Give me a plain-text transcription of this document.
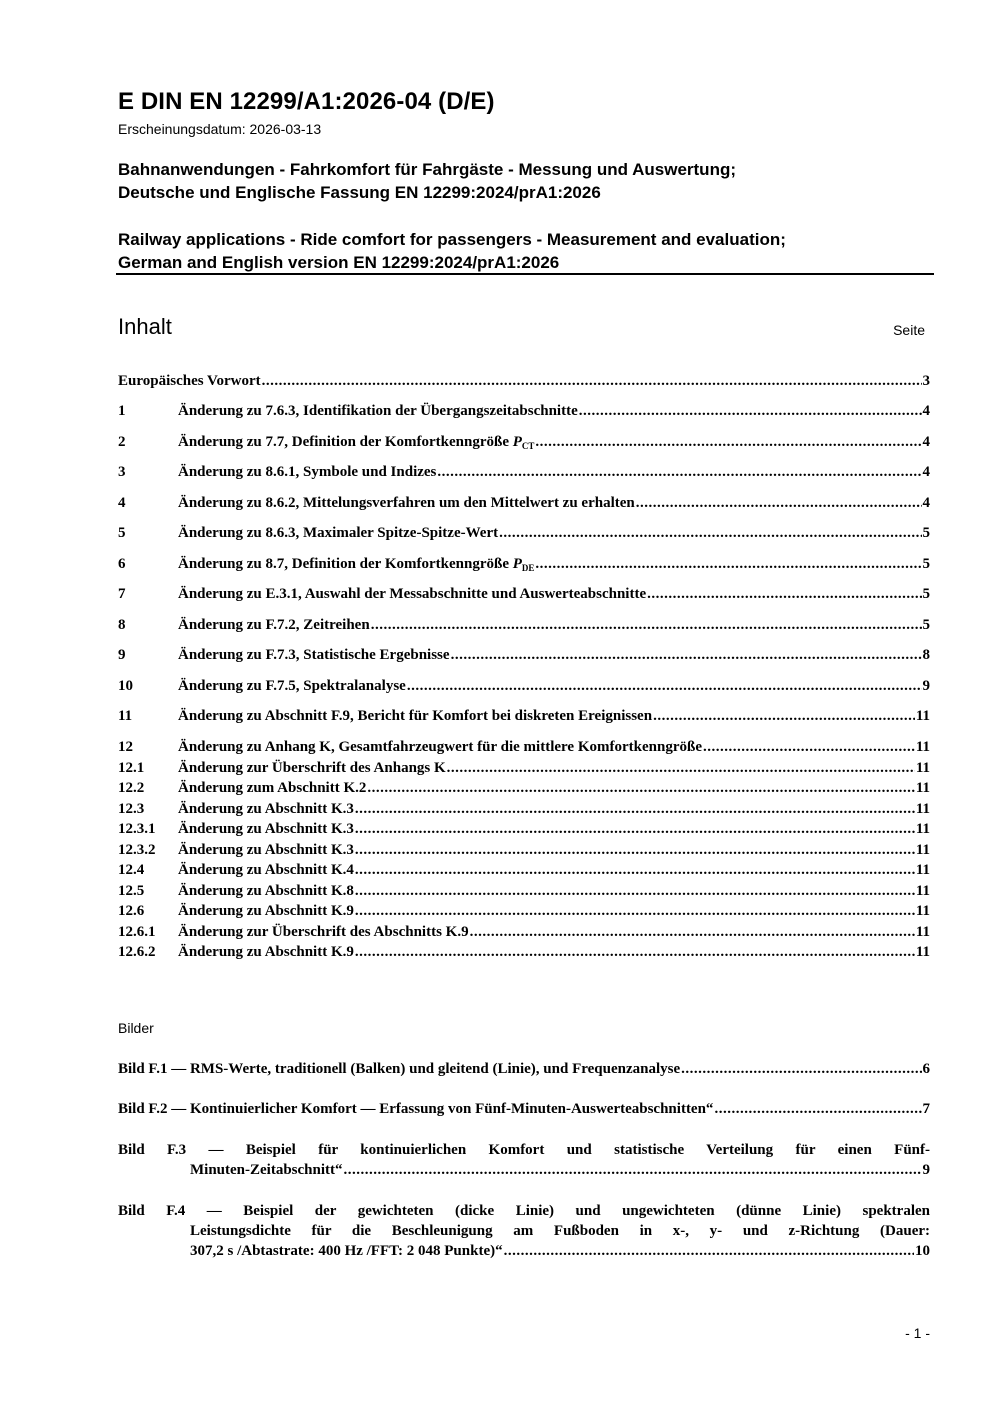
E DIN EN 12299/A1:2026-04 (D/E)
Erscheinungsdatum: 2026-03-13
Bahnanwendungen - Fahrkomfort für Fahrgäste - Messung und Auswertung;
Deutsche und Englische Fassung EN 12299:2024/prA1:2026
Railway applications - Ride comfort for passengers - Measurement and evaluation;
German and English version EN 12299:2024/prA1:2026
Inhalt	Seite
Europäisches Vorwort .....	3
1	Änderung zu 7.6.3, Identifikation der Übergangszeitabschnitte .....	4
2	Änderung zu 7.7, Definition der Komfortkenngröße $P_{CT}$ .....	4
3	Änderung zu 8.6.1, Symbole und Indizes .....	4
4	Änderung zu 8.6.2, Mittelungsverfahren um den Mittelwert zu erhalten .....	4
5	Änderung zu 8.6.3, Maximaler Spitze-Spitze-Wert .....	5
6	Änderung zu 8.7, Definition der Komfortkenngröße $P_{DE}$ .....	5
7	Änderung zu E.3.1, Auswahl der Messabschnitte und Auswerteabschnitte .....	5
8	Änderung zu F.7.2, Zeitreihen .....	5
9	Änderung zu F.7.3, Statistische Ergebnisse .....	8
10	Änderung zu F.7.5, Spektralanalyse .....	9
11	Änderung zu Abschnitt F.9, Bericht für Komfort bei diskreten Ereignissen .....	11
12	Änderung zu Anhang K, Gesamtfahrzeugwert für die mittlere Komfortkenngröße .....	11
12.1	Änderung zur Überschrift des Anhangs K .....	11
12.2	Änderung zum Abschnitt K.2 .....	11
12.3	Änderung zu Abschnitt K.3 .....	11
12.3.1	Änderung zu Abschnitt K.3 .....	11
12.3.2	Änderung zu Abschnitt K.3 .....	11
12.4	Änderung zu Abschnitt K.4 .....	11
12.5	Änderung zu Abschnitt K.8 .....	11
12.6	Änderung zu Abschnitt K.9 .....	11
12.6.1	Änderung zur Überschrift des Abschnitts K.9 .....	11
12.6.2	Änderung zu Abschnitt K.9 .....	11
Bilder
Bild F.1 — RMS-Werte, traditionell (Balken) und gleitend (Linie), und Frequenzanalyse .....	6
Bild F.2 — Kontinuierlicher Komfort — Erfassung von Fünf-Minuten-Auswerteabschnitten“ .....	7
Bild F.3 — Beispiel für kontinuierlichen Komfort und statistische Verteilung für einen Fünf-
Minuten-Zeitabschnitt“ .....	9
Bild F.4 — Beispiel der gewichteten (dicke Linie) und ungewichteten (dünne Linie) spektralen
Leistungsdichte für die Beschleunigung am Fußboden in x-, y- und z-Richtung (Dauer:
307,2 s /Abtastrate: 400 Hz /FFT: 2 048 Punkte)“ .....	10
- 1 -
